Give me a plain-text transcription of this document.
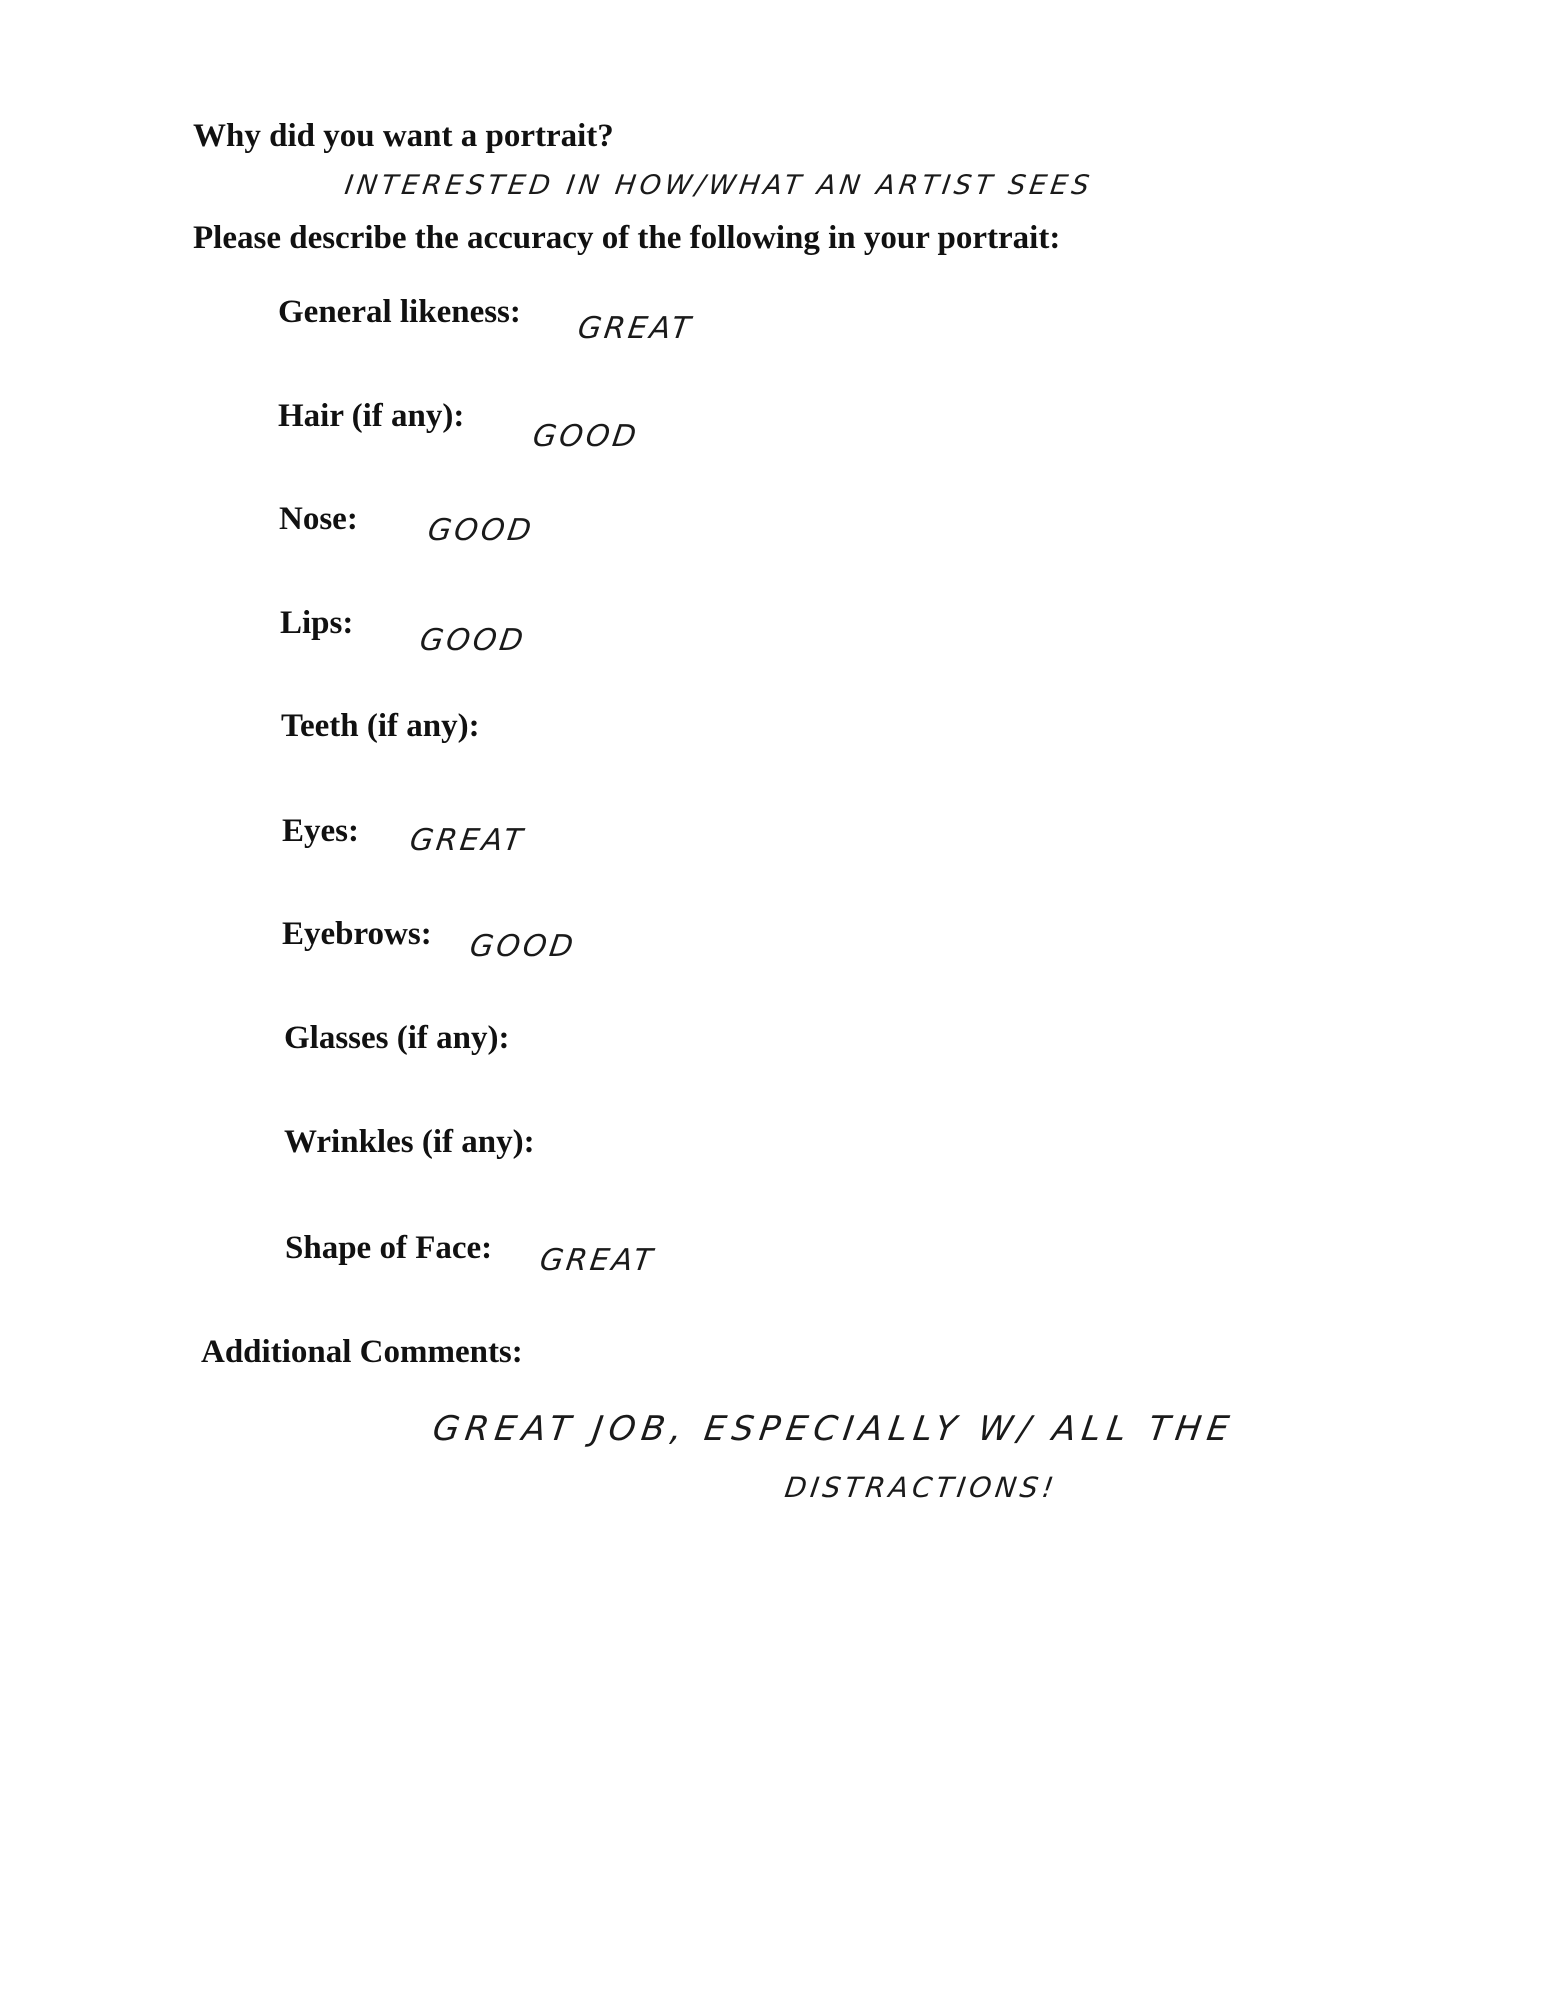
Why did you want a portrait?
INTERESTED IN HOW/WHAT AN ARTIST SEES
Please describe the accuracy of the following in your portrait:
General likeness: GREAT
Hair (if any):
GOOD
Nose: GOOD
Lips: GOOD
Teeth (if any):
Eyes: GREAT
Eyebrows: GOOD
Glasses (if any):
Wrinkles (if any):
Shape of Face: GREAT
Additional Comments:
GREAT JOB, ESPECIALLY W/ ALL THE
DISTRACTIONS!
